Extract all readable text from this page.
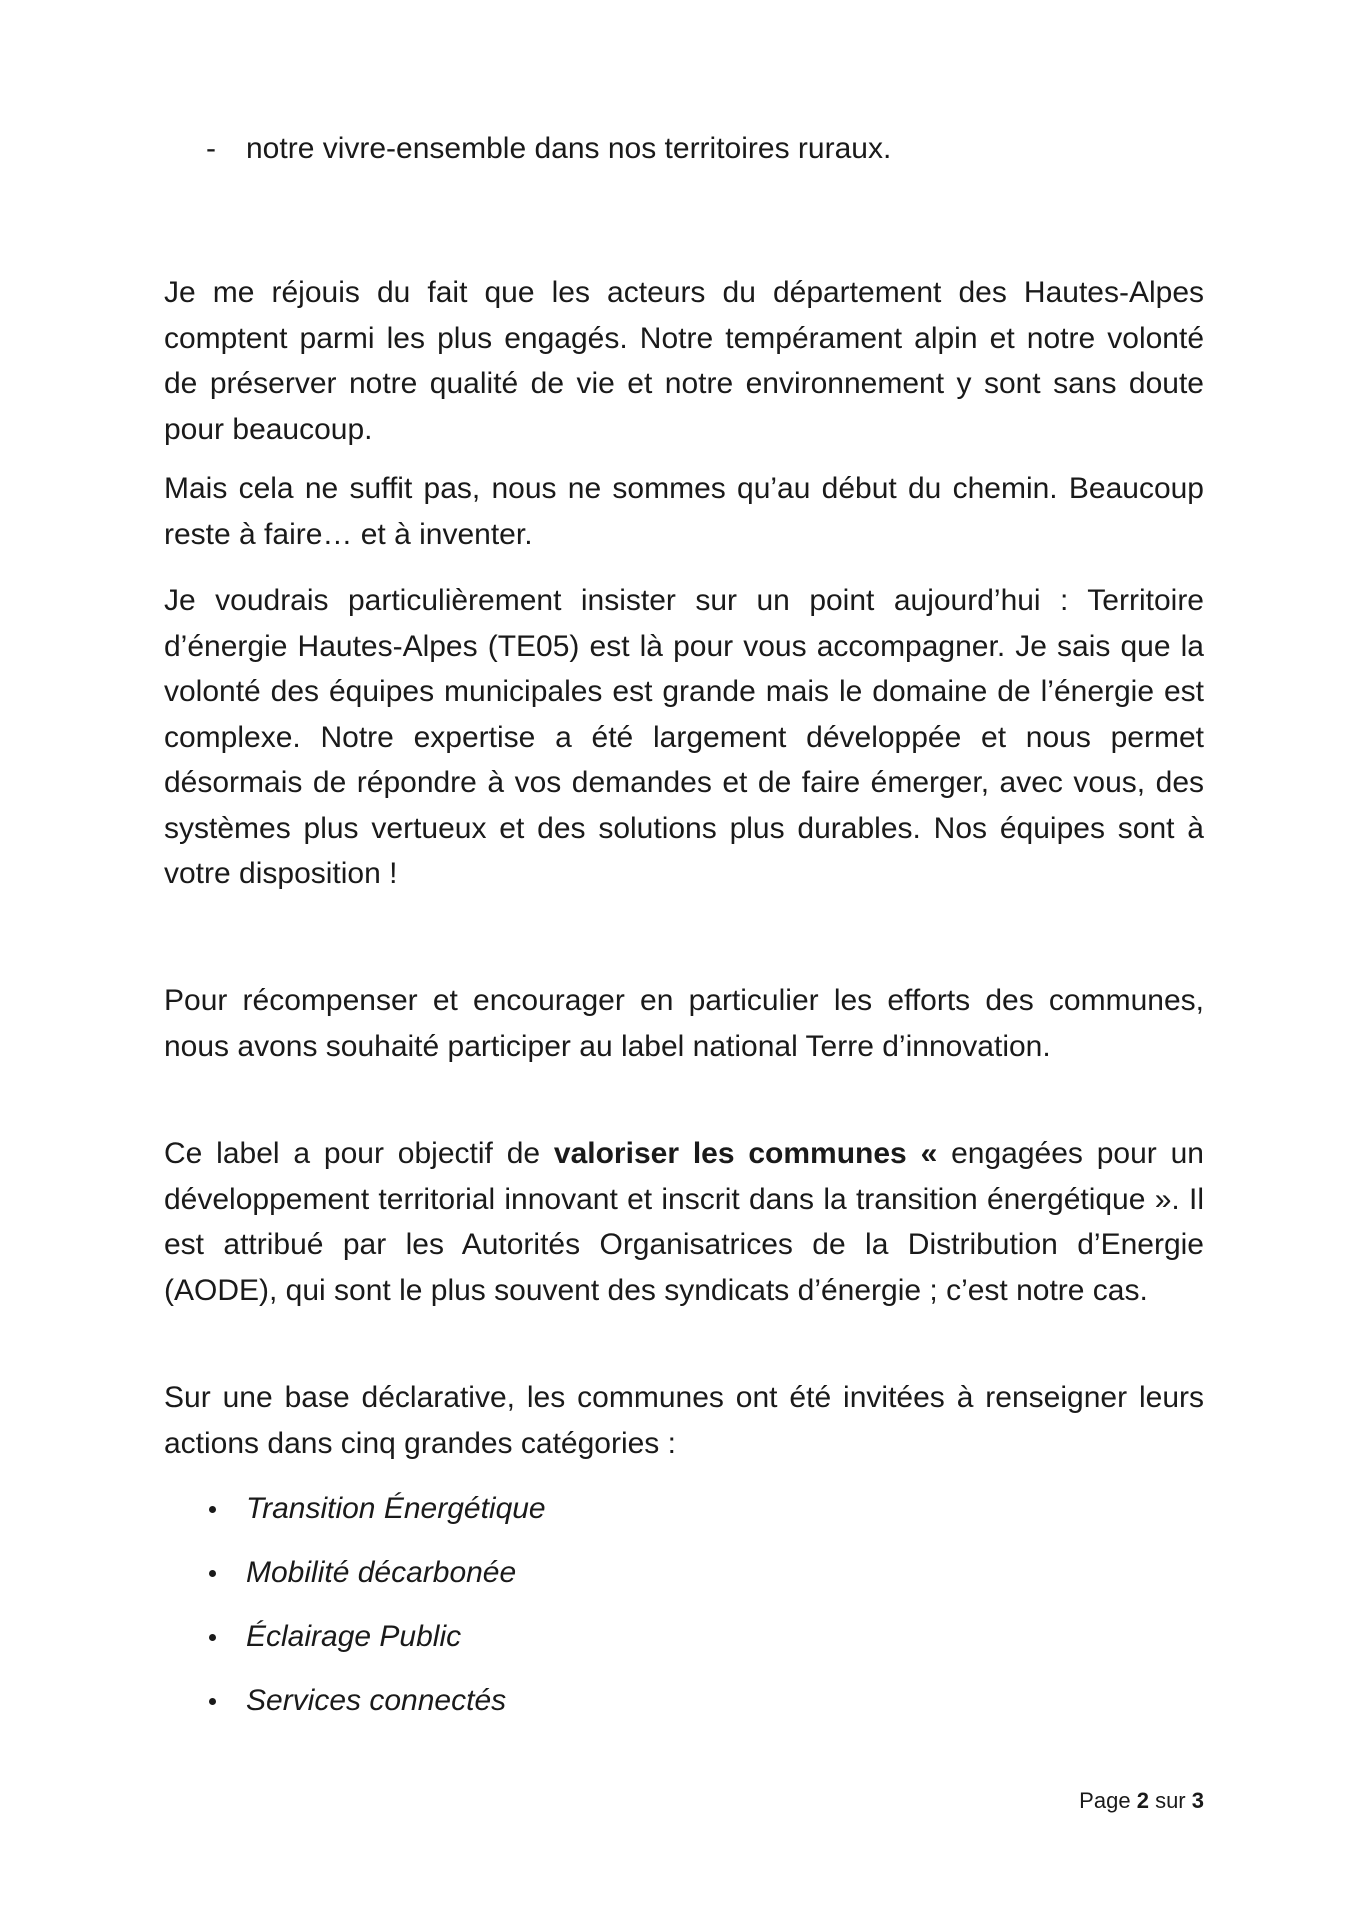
- notre vivre-ensemble dans nos territoires ruraux.

Je me réjouis du fait que les acteurs du département des Hautes-Alpes comptent parmi les plus engagés. Notre tempérament alpin et notre volonté de préserver notre qualité de vie et notre environnement y sont sans doute pour beaucoup.

Mais cela ne suffit pas, nous ne sommes qu’au début du chemin. Beaucoup reste à faire… et à inventer.

Je voudrais particulièrement insister sur un point aujourd’hui : Territoire d’énergie Hautes-Alpes (TE05) est là pour vous accompagner. Je sais que la volonté des équipes municipales est grande mais le domaine de l’énergie est complexe. Notre expertise a été largement développée et nous permet désormais de répondre à vos demandes et de faire émerger, avec vous, des systèmes plus vertueux et des solutions plus durables. Nos équipes sont à votre disposition !

Pour récompenser et encourager en particulier les efforts des communes, nous avons souhaité participer au label national Terre d’innovation.

Ce label a pour objectif de valoriser les communes « engagées pour un développement territorial innovant et inscrit dans la transition énergétique ». Il est attribué par les Autorités Organisatrices de la Distribution d’Energie (AODE), qui sont le plus souvent des syndicats d’énergie ; c’est notre cas.

Sur une base déclarative, les communes ont été invitées à renseigner leurs actions dans cinq grandes catégories :

Transition Énergétique
Mobilité décarbonée
Éclairage Public
Services connectés
Page 2 sur 3
